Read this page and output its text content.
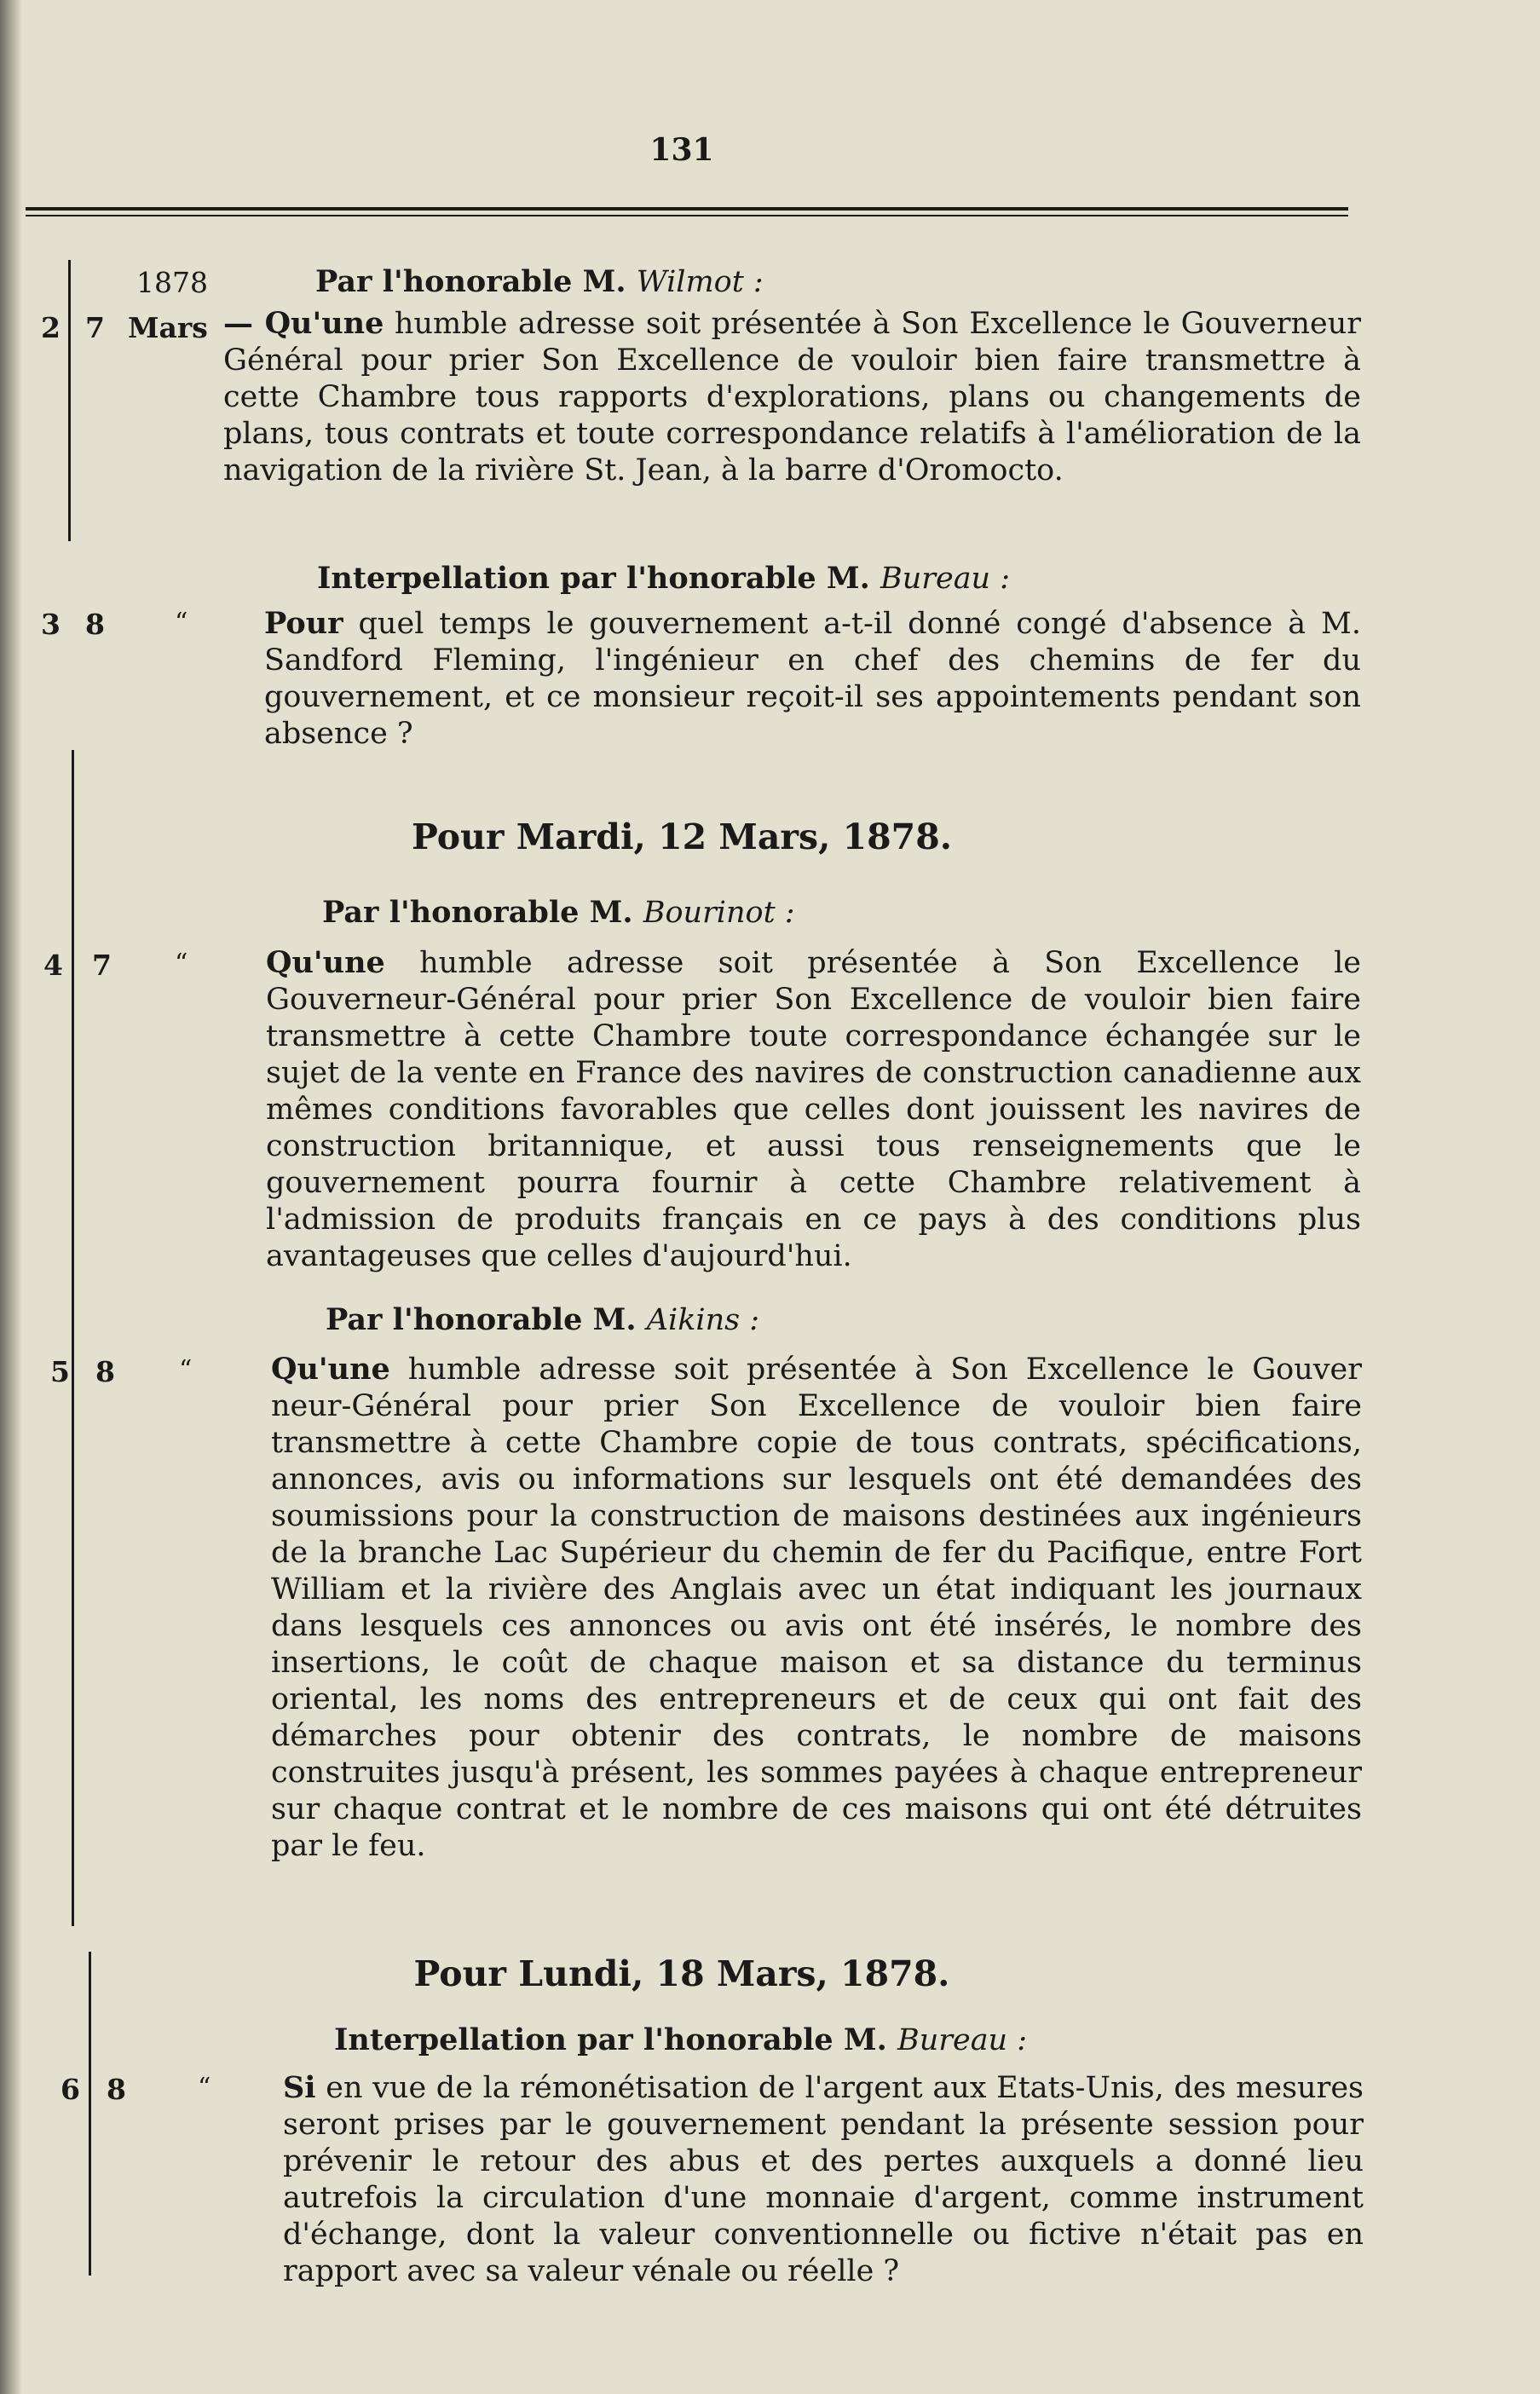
131
1878
2 7 Mars
Par l'honorable M. Wilmot :
— Qu'une humble adresse soit présentée à Son Excellence le Gouverneur Général pour prier Son Excellence de vouloir bien faire transmettre à cette Chambre tous rapports d'explorations, plans ou changements de plans, tous contrats et toute correspondance relatifs à l'amélioration de la navigation de la rivière St. Jean, à la barre d'Oromocto.
3 8	“
Interpellation par l'honorable M. Bureau :
Pour quel temps le gouvernement a-t-il donné congé d'absence à M. Sandford Fleming, l'ingénieur en chef des chemins de fer du gouvernement, et ce monsieur reçoit-il ses appointements pendant son absence ?
Pour Mardi, 12 Mars, 1878.
4 7 “
Par l'honorable M. Bourinot :
Qu'une humble adresse soit présentée à Son Excellence le Gouverneur-Général pour prier Son Excellence de vouloir bien faire transmettre à cette Chambre toute correspondance échangée sur le sujet de la vente en France des navires de construction canadienne aux mêmes conditions favorables que celles dont jouissent les navires de construction britannique, et aussi tous renseignements que le gouvernement pourra fournir à cette Chambre relativement à l'admission de produits français en ce pays à des conditions plus avantageuses que celles d'aujourd'hui.
5 8	“
Par l'honorable M. Aikins :
Qu'une humble adresse soit présentée à Son Excellence le Gouver neur-Général pour prier Son Excellence de vouloir bien faire transmettre à cette Chambre copie de tous contrats, spécifications, annonces, avis ou informations sur lesquels ont été demandées des soumissions pour la construction de maisons destinées aux ingénieurs de la branche Lac Supérieur du chemin de fer du Pacifique, entre Fort William et la rivière des Anglais avec un état indiquant les journaux dans lesquels ces annonces ou avis ont été insérés, le nombre des insertions, le coût de chaque maison et sa distance du terminus oriental, les noms des entrepreneurs et de ceux qui ont fait des démarches pour obtenir des contrats, le nombre de maisons construites jusqu'à présent, les sommes payées à chaque entrepreneur sur chaque contrat et le nombre de ces maisons qui ont été détruites par le feu.
Pour Lundi, 18 Mars, 1878.
6 8	“
Interpellation par l'honorable M. Bureau :
Si en vue de la rémonétisation de l'argent aux Etats-Unis, des mesures seront prises par le gouvernement pendant la présente session pour prévenir le retour des abus et des pertes auxquels a donné lieu autrefois la circulation d'une monnaie d'argent, comme instrument d'échange, dont la valeur conventionnelle ou fictive n'était pas en rapport avec sa valeur vénale ou réelle ?
